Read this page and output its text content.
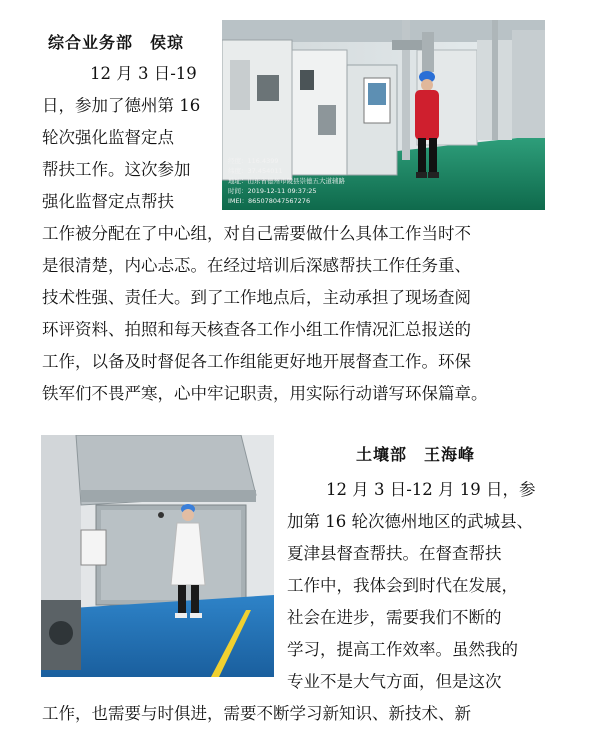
综合业务部　侯琼
12 月 3 日-19
日，参加了德州第 16
轮次强化监督定点
帮扶工作。这次参加
强化监督定点帮扶
工作被分配在了中心组，对自己需要做什么具体工作当时不
是很清楚，内心忐忑。在经过培训后深感帮扶工作任务重、
技术性强、责任大。到了工作地点后，主动承担了现场查阅
环评资料、拍照和每天核查各工作小组工作情况汇总报送的
工作，以备及时督促各工作组能更好地开展督查工作。环保
铁军们不畏严寒，心中牢记职责，用实际行动谱写环保篇章。
经度：116.4399
纬度：37.454011
地址：山东省德州市陵县崇德五大道辅路
时间：2019-12-11 09:37:25
IMEI：865078047567276
土壤部　王海峰
12 月 3 日-12 月 19 日，参
加第 16 轮次德州地区的武城县、
夏津县督查帮扶。在督查帮扶
工作中，我体会到时代在发展，
社会在进步，需要我们不断的
学习，提高工作效率。虽然我的
专业不是大气方面，但是这次
工作，也需要与时俱进，需要不断学习新知识、新技术、新
